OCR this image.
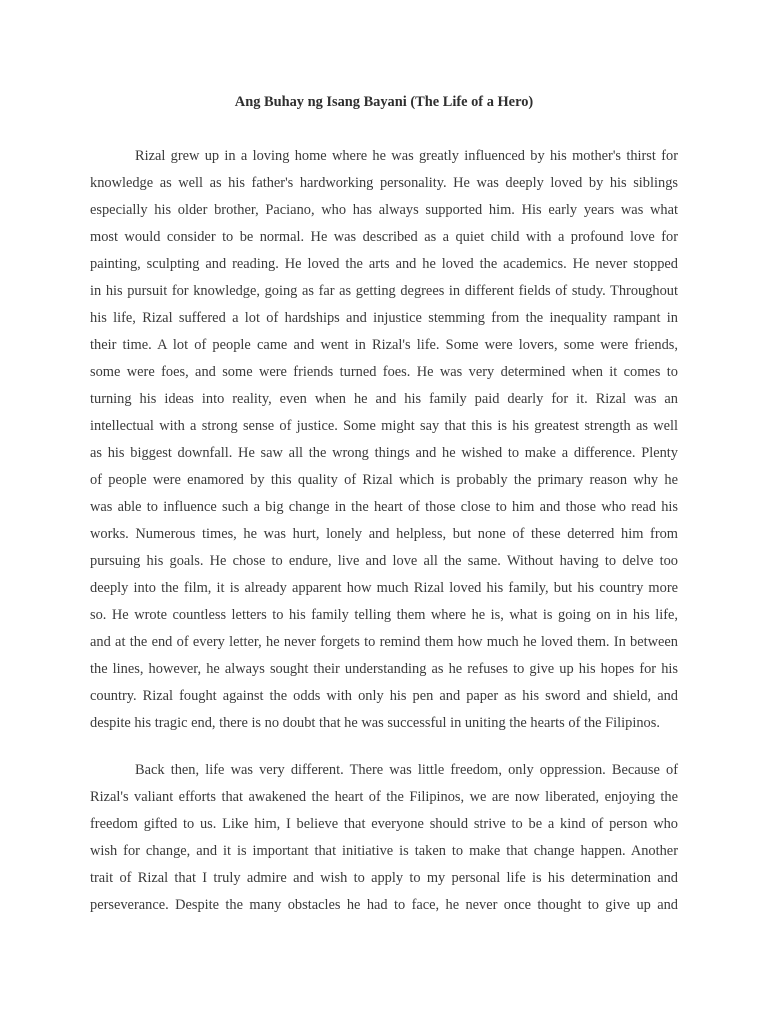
Ang Buhay ng Isang Bayani (The Life of a Hero)
Rizal grew up in a loving home where he was greatly influenced by his mother's thirst for
knowledge as well as his father's hardworking personality. He was deeply loved by his siblings
especially his older brother, Paciano, who has always supported him. His early years was what
most would consider to be normal. He was described as a quiet child with a profound love for
painting, sculpting and reading. He loved the arts and he loved the academics. He never stopped
in his pursuit for knowledge, going as far as getting degrees in different fields of study. Throughout
his life, Rizal suffered a lot of hardships and injustice stemming from the inequality rampant in
their time. A lot of people came and went in Rizal's life. Some were lovers, some were friends,
some were foes, and some were friends turned foes. He was very determined when it comes to
turning his ideas into reality, even when he and his family paid dearly for it. Rizal was an
intellectual with a strong sense of justice. Some might say that this is his greatest strength as well
as his biggest downfall. He saw all the wrong things and he wished to make a difference. Plenty
of people were enamored by this quality of Rizal which is probably the primary reason why he
was able to influence such a big change in the heart of those close to him and those who read his
works. Numerous times, he was hurt, lonely and helpless, but none of these deterred him from
pursuing his goals. He chose to endure, live and love all the same. Without having to delve too
deeply into the film, it is already apparent how much Rizal loved his family, but his country more
so. He wrote countless letters to his family telling them where he is, what is going on in his life,
and at the end of every letter, he never forgets to remind them how much he loved them. In between
the lines, however, he always sought their understanding as he refuses to give up his hopes for his
country. Rizal fought against the odds with only his pen and paper as his sword and shield, and
despite his tragic end, there is no doubt that he was successful in uniting the hearts of the Filipinos.
Back then, life was very different. There was little freedom, only oppression. Because of
Rizal's valiant efforts that awakened the heart of the Filipinos, we are now liberated, enjoying the
freedom gifted to us. Like him, I believe that everyone should strive to be a kind of person who
wish for change, and it is important that initiative is taken to make that change happen. Another
trait of Rizal that I truly admire and wish to apply to my personal life is his determination and
perseverance. Despite the many obstacles he had to face, he never once thought to give up and
